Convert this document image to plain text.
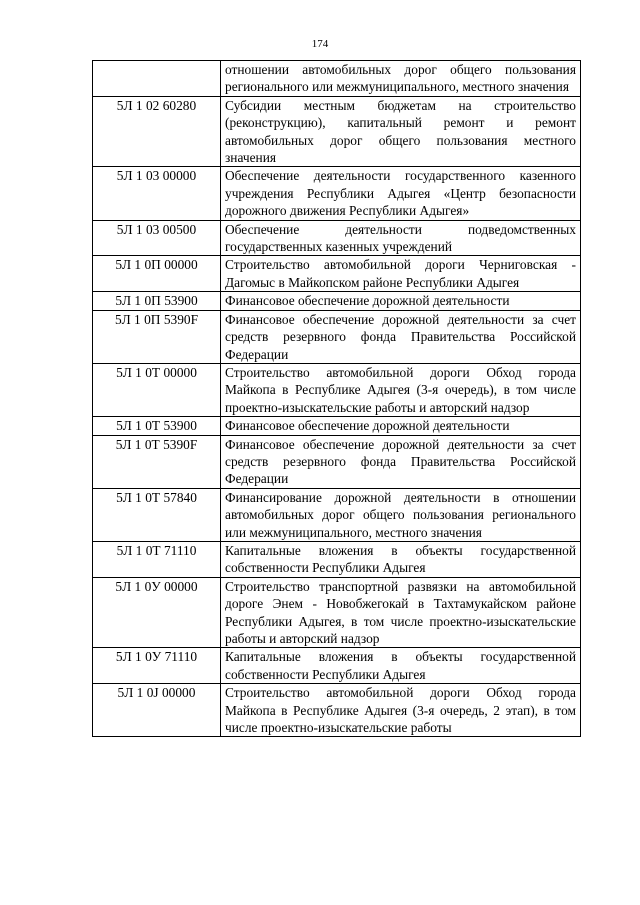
174
	отношении автомобильных дорог общего пользования регионального или межмуниципального, местного значения
5Л 1 02 60280	Субсидии местным бюджетам на строительство (реконструкцию), капитальный ремонт и ремонт автомобильных дорог общего пользования местного значения
5Л 1 03 00000	Обеспечение деятельности государственного казенного учреждения Республики Адыгея «Центр безопасности дорожного движения Республики Адыгея»
5Л 1 03 00500	Обеспечение деятельности подведомственных государственных казенных учреждений
5Л 1 0П 00000	Строительство автомобильной дороги Черниговская - Дагомыс в Майкопском районе Республики Адыгея
5Л 1 0П 53900	Финансовое обеспечение дорожной деятельности
5Л 1 0П 5390F	Финансовое обеспечение дорожной деятельности за счет средств резервного фонда Правительства Российской Федерации
5Л 1 0Т 00000	Строительство автомобильной дороги Обход города Майкопа в Республике Адыгея (3-я очередь), в том числе проектно-изыскательские работы и авторский надзор
5Л 1 0Т 53900	Финансовое обеспечение дорожной деятельности
5Л 1 0Т 5390F	Финансовое обеспечение дорожной деятельности за счет средств резервного фонда Правительства Российской Федерации
5Л 1 0Т 57840	Финансирование дорожной деятельности в отношении автомобильных дорог общего пользования регионального или межмуниципального, местного значения
5Л 1 0Т 71110	Капитальные вложения в объекты государственной собственности Республики Адыгея
5Л 1 0У 00000	Строительство транспортной развязки на автомобильной дороге Энем - Новобжегокай в Тахтамукайском районе Республики Адыгея, в том числе проектно-изыскательские работы и авторский надзор
5Л 1 0У 71110	Капитальные вложения в объекты государственной собственности Республики Адыгея
5Л 1 0J 00000	Строительство автомобильной дороги Обход города Майкопа в Республике Адыгея (3-я очередь, 2 этап), в том числе проектно-изыскательские работы
